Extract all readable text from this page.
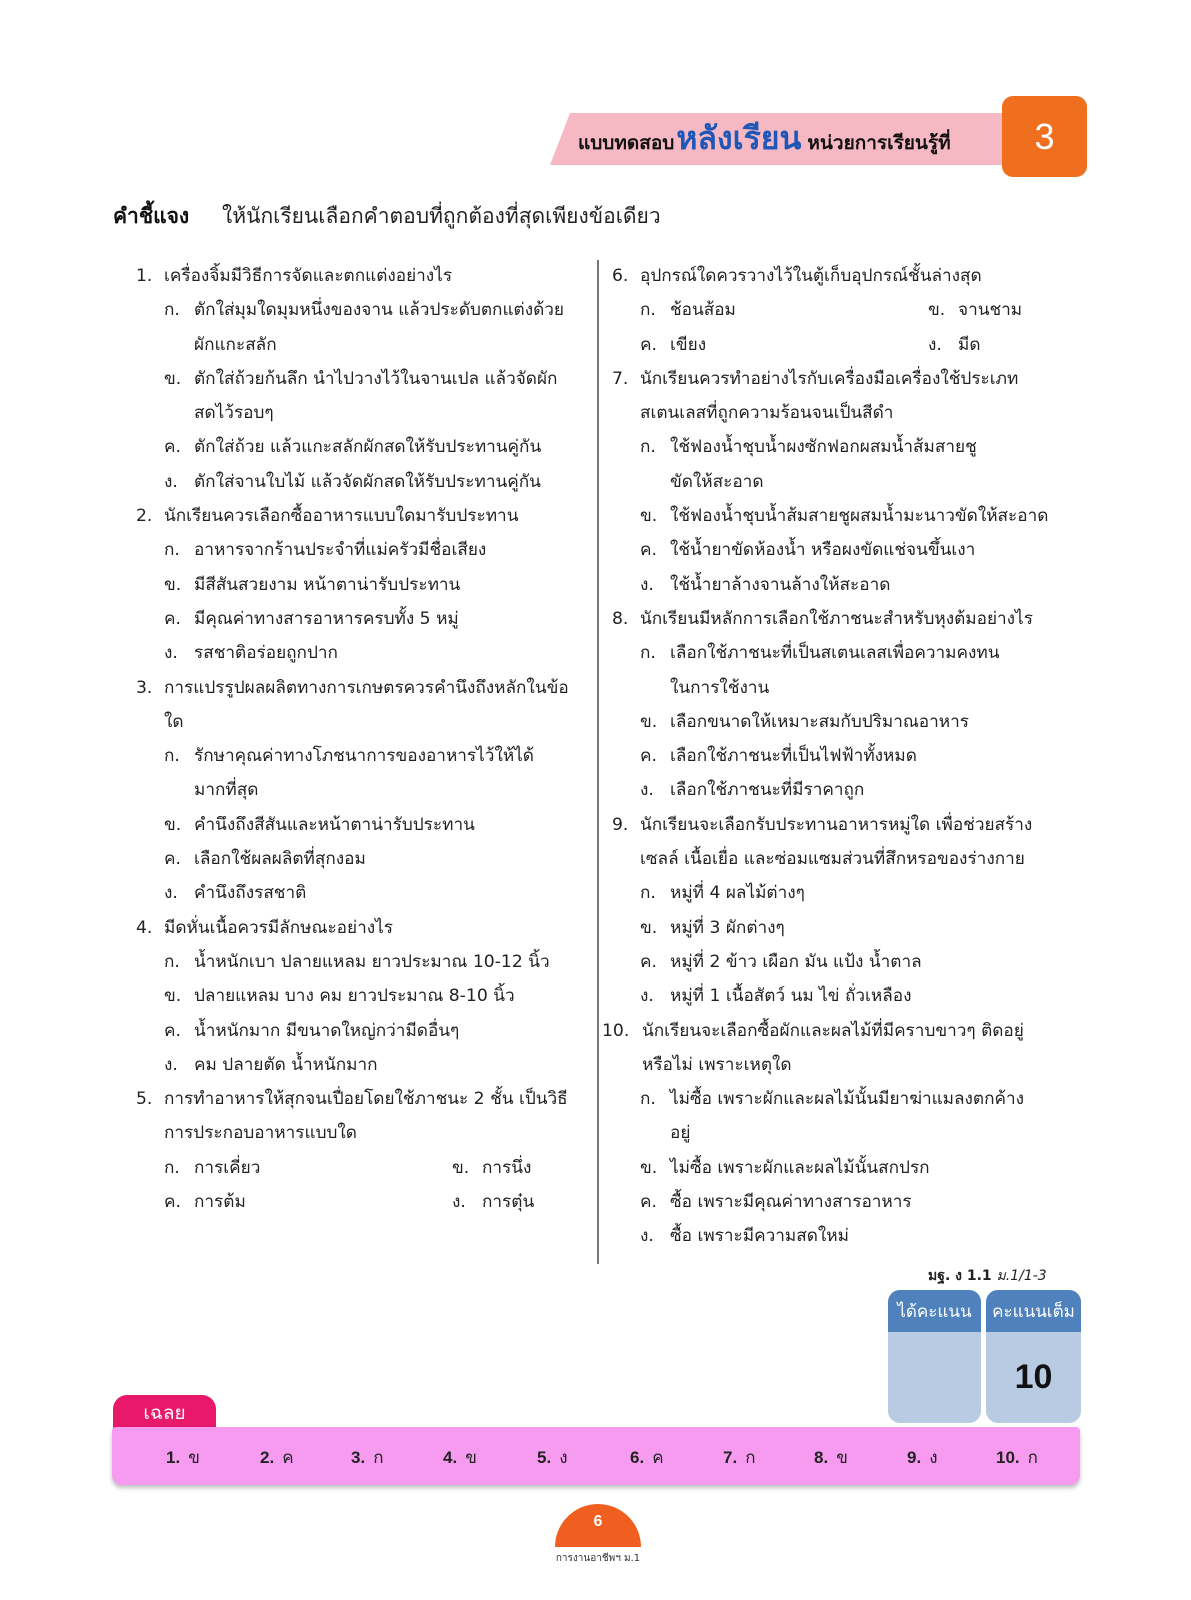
แบบทดสอบ หลังเรียน หน่วยการเรียนรู้ที่	3
คำชี้แจง ให้นักเรียนเลือกคำตอบที่ถูกต้องที่สุดเพียงข้อเดียว
1. เครื่องจิ้มมีวิธีการจัดและตกแต่งอย่างไร
ก. ตักใส่มุมใดมุมหนึ่งของจาน แล้วประดับตกแต่งด้วย
ผักแกะสลัก
ข. ตักใส่ถ้วยก้นลึก นำไปวางไว้ในจานเปล แล้วจัดผัก
สดไว้รอบๆ
ค. ตักใส่ถ้วย แล้วแกะสลักผักสดให้รับประทานคู่กัน
ง. ตักใส่จานใบไม้ แล้วจัดผักสดให้รับประทานคู่กัน
2. นักเรียนควรเลือกซื้ออาหารแบบใดมารับประทาน
ก. อาหารจากร้านประจำที่แม่ครัวมีชื่อเสียง
ข. มีสีสันสวยงาม หน้าตาน่ารับประทาน
ค. มีคุณค่าทางสารอาหารครบทั้ง 5 หมู่
ง. รสชาติอร่อยถูกปาก
3. การแปรรูปผลผลิตทางการเกษตรควรคำนึงถึงหลักในข้อ
ใด
ก. รักษาคุณค่าทางโภชนาการของอาหารไว้ให้ได้
มากที่สุด
ข. คำนึงถึงสีสันและหน้าตาน่ารับประทาน
ค. เลือกใช้ผลผลิตที่สุกงอม
ง. คำนึงถึงรสชาติ
4. มีดหั่นเนื้อควรมีลักษณะอย่างไร
ก. น้ำหนักเบา ปลายแหลม ยาวประมาณ 10-12 นิ้ว
ข. ปลายแหลม บาง คม ยาวประมาณ 8-10 นิ้ว
ค. น้ำหนักมาก มีขนาดใหญ่กว่ามีดอื่นๆ
ง. คม ปลายตัด น้ำหนักมาก
5. การทำอาหารให้สุกจนเปื่อยโดยใช้ภาชนะ 2 ชั้น เป็นวิธี
การประกอบอาหารแบบใด
ก. การเคี่ยว	ข. การนึ่ง
ค. การต้ม	ง. การตุ๋น
6. อุปกรณ์ใดควรวางไว้ในตู้เก็บอุปกรณ์ชั้นล่างสุด
ก. ช้อนส้อม	ข. จานชาม
ค. เขียง	ง. มีด
7. นักเรียนควรทำอย่างไรกับเครื่องมือเครื่องใช้ประเภท
สเตนเลสที่ถูกความร้อนจนเป็นสีดำ
ก. ใช้ฟองน้ำชุบน้ำผงซักฟอกผสมน้ำส้มสายชู
ขัดให้สะอาด
ข. ใช้ฟองน้ำชุบน้ำส้มสายชูผสมน้ำมะนาวขัดให้สะอาด
ค. ใช้น้ำยาขัดห้องน้ำ หรือผงขัดแช่จนขึ้นเงา
ง. ใช้น้ำยาล้างจานล้างให้สะอาด
8. นักเรียนมีหลักการเลือกใช้ภาชนะสำหรับหุงต้มอย่างไร
ก. เลือกใช้ภาชนะที่เป็นสเตนเลสเพื่อความคงทน
ในการใช้งาน
ข. เลือกขนาดให้เหมาะสมกับปริมาณอาหาร
ค. เลือกใช้ภาชนะที่เป็นไฟฟ้าทั้งหมด
ง. เลือกใช้ภาชนะที่มีราคาถูก
9. นักเรียนจะเลือกรับประทานอาหารหมู่ใด เพื่อช่วยสร้าง
เซลล์ เนื้อเยื่อ และซ่อมแซมส่วนที่สึกหรอของร่างกาย
ก. หมู่ที่ 4 ผลไม้ต่างๆ
ข. หมู่ที่ 3 ผักต่างๆ
ค. หมู่ที่ 2 ข้าว เผือก มัน แป้ง น้ำตาล
ง. หมู่ที่ 1 เนื้อสัตว์ นม ไข่ ถั่วเหลือง
10. นักเรียนจะเลือกซื้อผักและผลไม้ที่มีคราบขาวๆ ติดอยู่
หรือไม่ เพราะเหตุใด
ก. ไม่ซื้อ เพราะผักและผลไม้นั้นมียาฆ่าแมลงตกค้าง
อยู่
ข. ไม่ซื้อ เพราะผักและผลไม้นั้นสกปรก
ค. ซื้อ เพราะมีคุณค่าทางสารอาหาร
ง. ซื้อ เพราะมีความสดใหม่
มฐ. ง 1.1 ม.1/1-3
ได้คะแนน	คะแนนเต็ม
10
เฉลย
1. ข	2. ค	3. ก	4. ข	5. ง	6. ค	7. ก	8. ข	9. ง	10. ก
6
การงานอาชีพฯ ม.1
